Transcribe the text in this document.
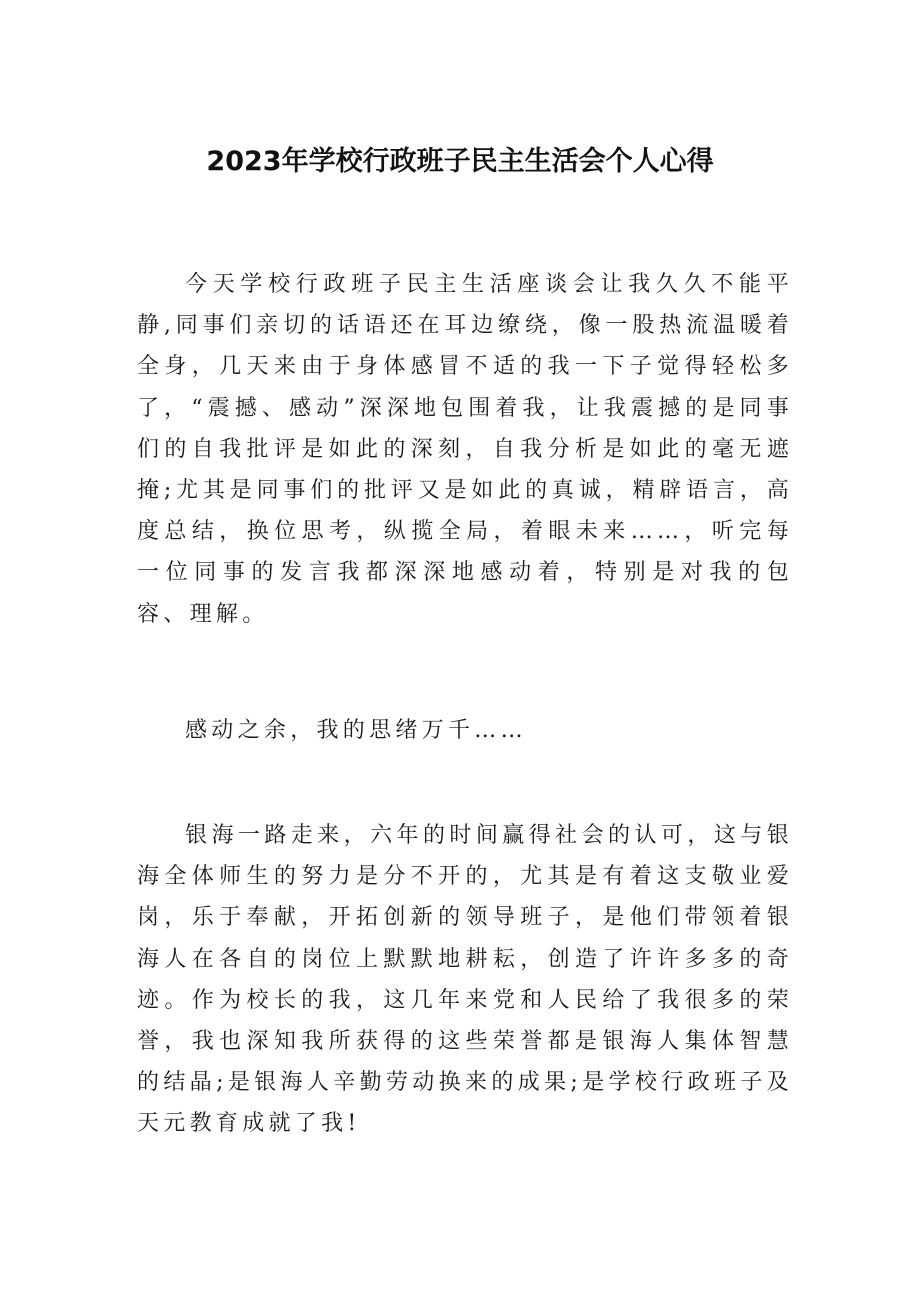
2023年学校行政班子民主生活会个人心得

今天学校行政班子民主生活座谈会让我久久不能平静,同事们亲切的话语还在耳边缭绕，像一股热流温暖着全身，几天来由于身体感冒不适的我一下子觉得轻松多了，“震撼、感动”深深地包围着我，让我震撼的是同事们的自我批评是如此的深刻，自我分析是如此的毫无遮掩;尤其是同事们的批评又是如此的真诚，精辟语言，高度总结，换位思考，纵揽全局，着眼未来……，听完每一位同事的发言我都深深地感动着，特别是对我的包容、理解。

感动之余，我的思绪万千……

银海一路走来，六年的时间赢得社会的认可，这与银海全体师生的努力是分不开的，尤其是有着这支敬业爱岗，乐于奉献，开拓创新的领导班子，是他们带领着银海人在各自的岗位上默默地耕耘，创造了许许多多的奇迹。作为校长的我，这几年来党和人民给了我很多的荣誉，我也深知我所获得的这些荣誉都是银海人集体智慧的结晶;是银海人辛勤劳动换来的成果;是学校行政班子及天元教育成就了我!
